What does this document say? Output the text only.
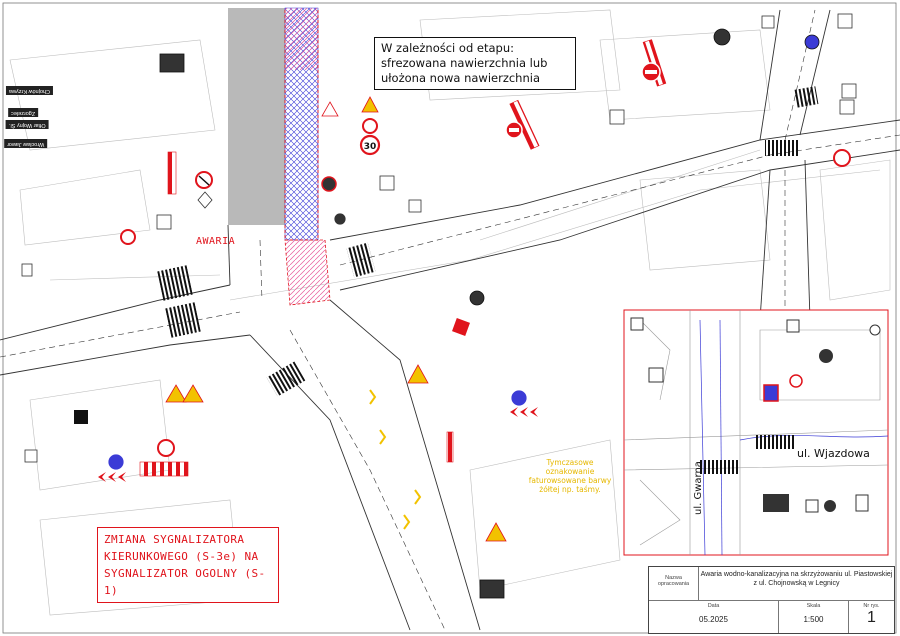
30
W zależności od etapu:
sfrezowana nawierzchnia lub
ułożona nowa nawierzchnia
AWARIA
Tymczasowe oznakowanie
faturowsowane barwy
żółtej np. taśmy.
ZMIANA SYGNALIZATORA
KIERUNKOWEGO (S-3e) NA
SYGNALIZATOR OGOLNY (S-1)
ul. Wjazdowa
ul. Gwarna
Chojnów Krzywa
Zgorzelec
Ofiar Wojny Śl.
Wrocław Jawor
Nazwa opracowania
Awaria wodno-kanalizacyjna na skrzyżowaniu ul. Piastowskiej
z ul. Chojnowską w Legnicy
Data
05.2025
Skala
1:500
Nr rys.
1
